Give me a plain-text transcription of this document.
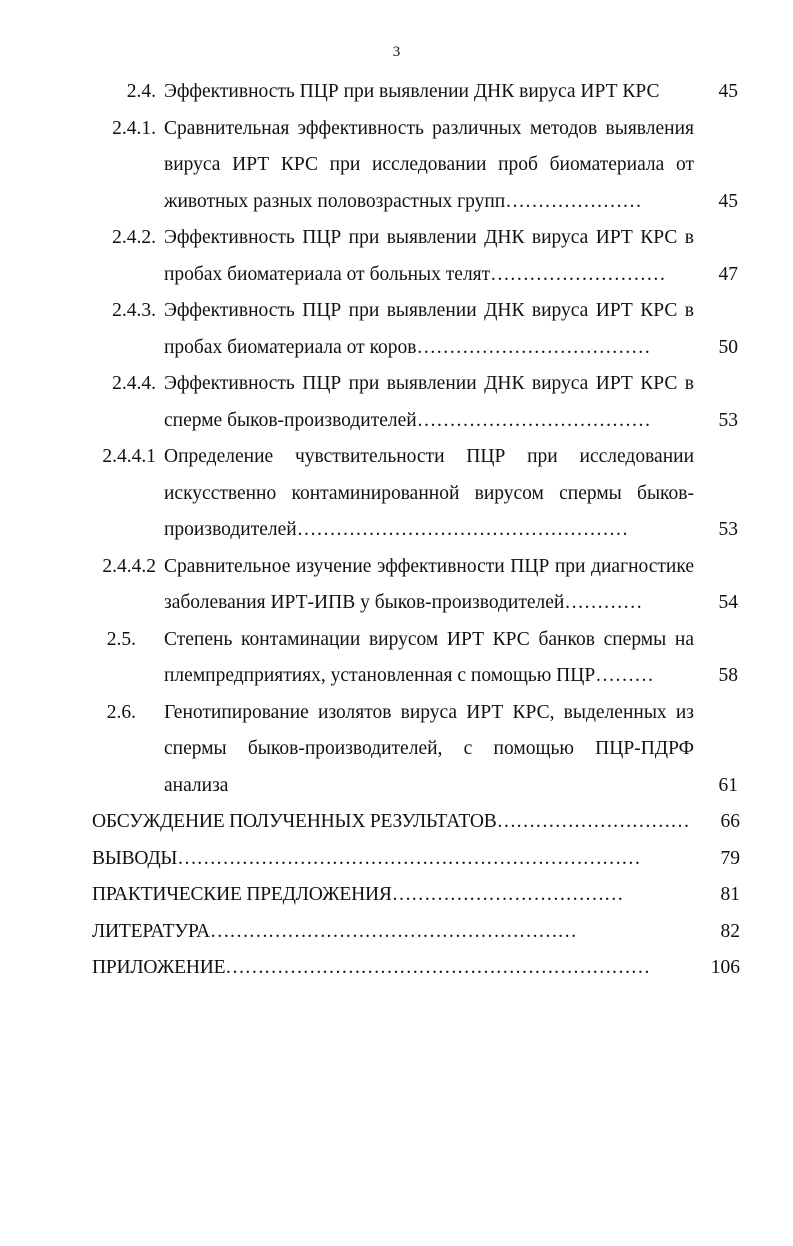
3
2.4. Эффективность ПЦР при выявлении ДНК вируса ИРТ КРС	45
2.4.1. Сравнительная эффективность различных методов выявления вируса ИРТ КРС при исследовании проб биоматериала от животных разных половозрастных групп…………………	45
2.4.2. Эффективность ПЦР при выявлении ДНК вируса ИРТ КРС в пробах биоматериала от больных телят………………………	47
2.4.3. Эффективность ПЦР при выявлении ДНК вируса ИРТ КРС в пробах биоматериала от коров………………………………	50
2.4.4. Эффективность ПЦР при выявлении ДНК вируса ИРТ КРС в сперме быков-производителей………………………………	53
2.4.4.1 Определение чувствительности ПЦР при исследовании искусственно контаминированной вирусом спермы быков-производителей……………………………………………	53
2.4.4.2 Сравнительное изучение эффективности ПЦР при диагностике заболевания ИРТ-ИПВ у быков-производителей…………	54
2.5. Степень контаминации вирусом ИРТ КРС банков спермы на племпредприятиях, установленная с помощью ПЦР………	58
2.6. Генотипирование изолятов вируса ИРТ КРС, выделенных из спермы быков-производителей, с помощью ПЦР-ПДРФ анализа	61
ОБСУЖДЕНИЕ ПОЛУЧЕННЫХ РЕЗУЛЬТАТОВ…………………………	66
ВЫВОДЫ………………………………………………………………	79
ПРАКТИЧЕСКИЕ ПРЕДЛОЖЕНИЯ………………………………	81
ЛИТЕРАТУРА…………………………………………………	82
ПРИЛОЖЕНИЕ…………………………………………………………	106
